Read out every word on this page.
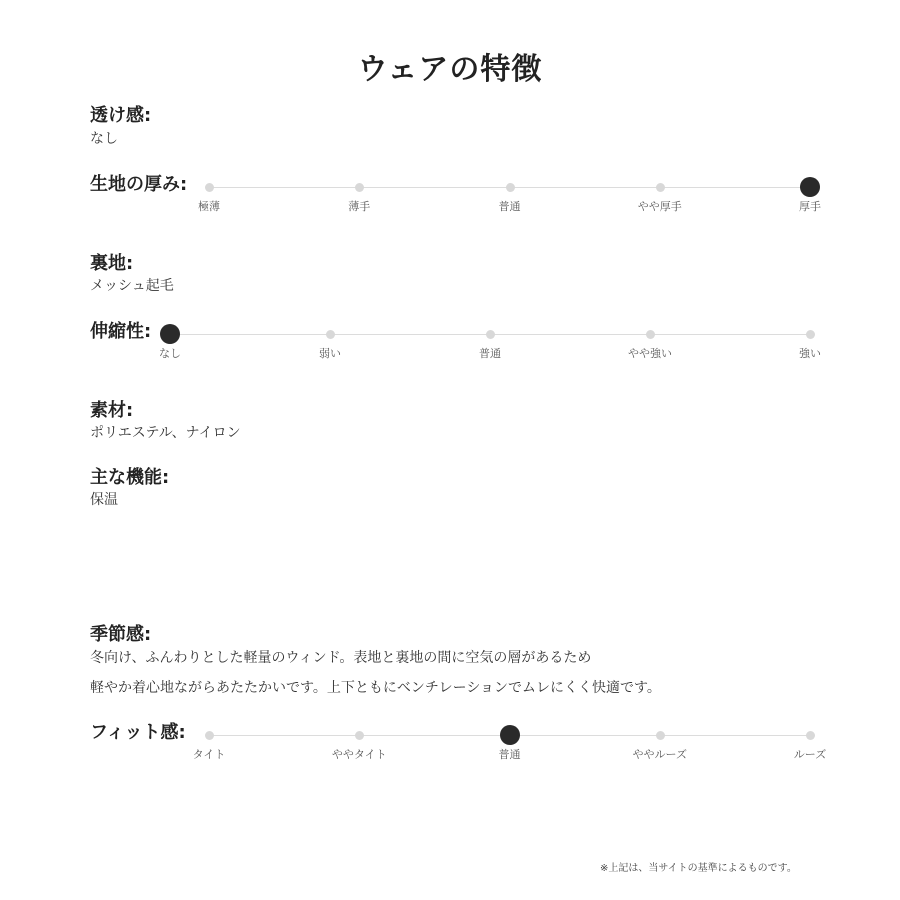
ウェアの特徴
透け感:
なし
生地の厚み:
極薄	薄手	普通	やや厚手	厚手
裏地:
メッシュ起毛
伸縮性:
なし	弱い	普通	やや強い	強い
素材:
ポリエステル、ナイロン
主な機能:
保温
季節感:
冬向け、ふんわりとした軽量のウィンド。表地と裏地の間に空気の層があるため
軽やか着心地ながらあたたかいです。上下ともにベンチレーションでムレにくく快適です。
フィット感:
タイト	ややタイト	普通	ややルーズ	ルーズ
※上記は、当サイトの基準によるものです。
